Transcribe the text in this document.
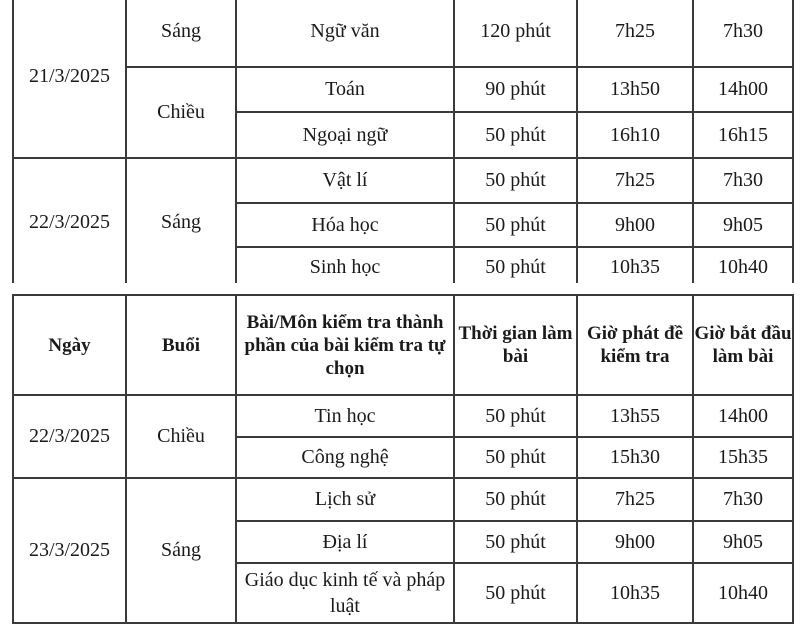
21/3/2025	Sáng	Ngữ văn	120 phút	7h25	7h30
	Chiều	Toán	90 phút	13h50	14h00
		Ngoại ngữ	50 phút	16h10	16h15
22/3/2025	Sáng	Vật lí	50 phút	7h25	7h30
		Hóa học	50 phút	9h00	9h05
		Sinh học	50 phút	10h35	10h40
Ngày	Buổi	Bài/Môn kiểm tra thành phần của bài kiểm tra tự chọn	Thời gian làm bài	Giờ phát đề kiểm tra	Giờ bắt đầu làm bài
22/3/2025	Chiều	Tin học	50 phút	13h55	14h00
		Công nghệ	50 phút	15h30	15h35
23/3/2025	Sáng	Lịch sử	50 phút	7h25	7h30
		Địa lí	50 phút	9h00	9h05
		Giáo dục kinh tế và pháp luật	50 phút	10h35	10h40
